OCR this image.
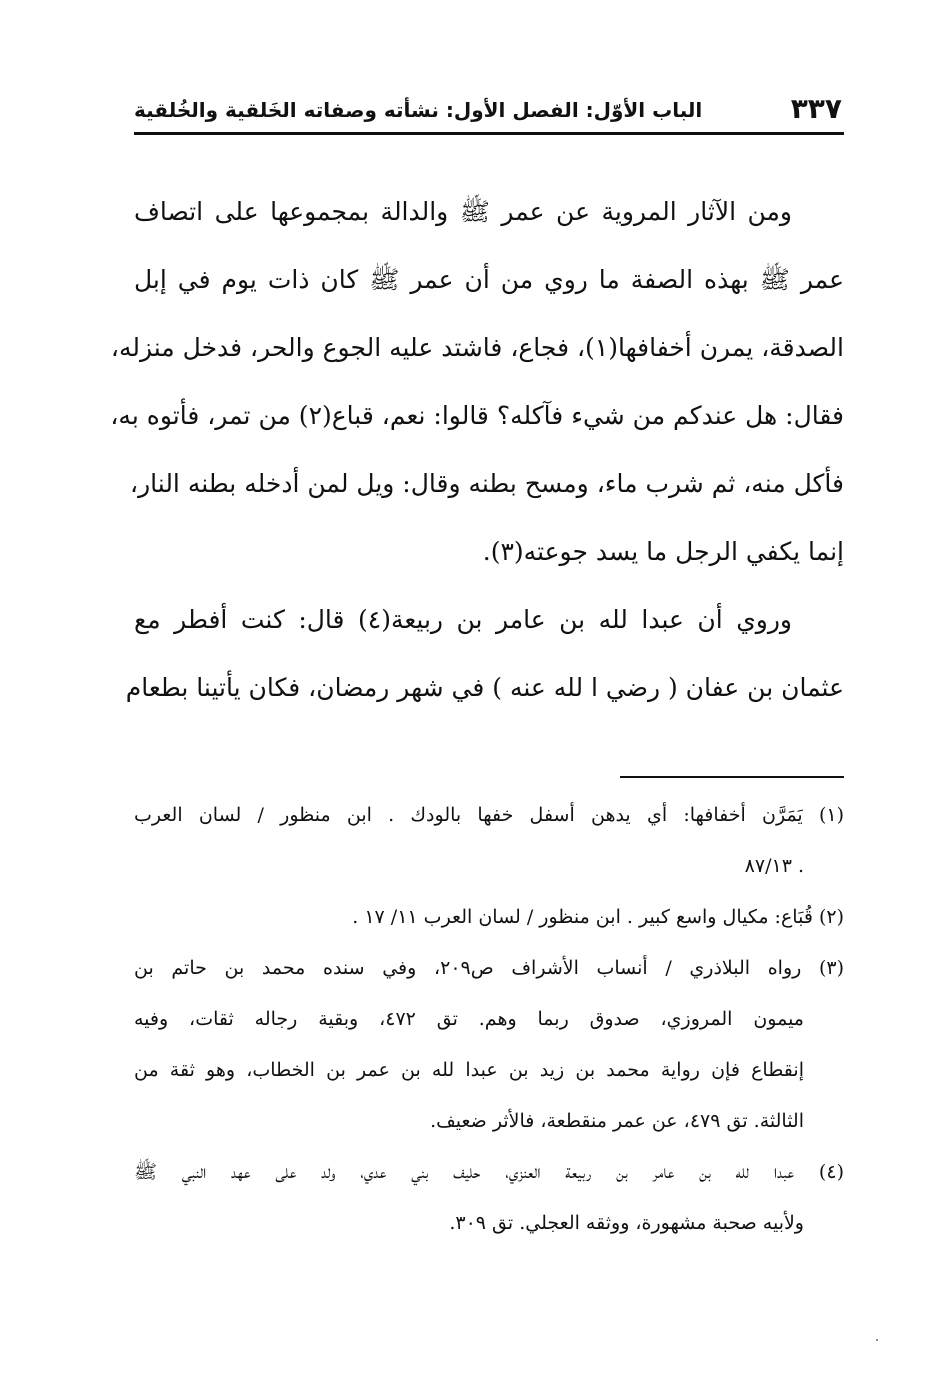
٣٣٧
الباب الأوّل: الفصل الأول: نشأته وصفاته الخَلقية والخُلقية
ومن الآثار المروية عن عمر ﷺ والدالة بمجموعها على اتصاف
عمر ﷺ بهذه الصفة ما روي من أن عمر ﷺ كان ذات يوم في إبل
الصدقة، يمرن أخفافها(١)، فجاع، فاشتد عليه الجوع والحر، فدخل منزله،
فقال: هل عندكم من شيء فآكله؟ قالوا: نعم، قباع(٢) من تمر، فأتوه به،
فأكل منه، ثم شرب ماء، ومسح بطنه وقال: ويل لمن أدخله بطنه النار،
إنما يكفي الرجل ما يسد جوعته(٣).
وروي أن عبدا لله بن عامر بن ربيعة(٤) قال: كنت أفطر مع
عثمان بن عفان ( رضي ا لله عنه ) في شهر رمضان، فكان يأتينا بطعام
(١) يَمَرَّن أخفافها: أي يدهن أسفل خفها بالودك . ابن منظور / لسان العرب
. ٨٧/١٣
(٢) قُبَاع: مكيال واسع كبير . ابن منظور / لسان العرب ١١/ ١٧ .
(٣) رواه البلاذري / أنساب الأشراف ص٢٠٩، وفي سنده محمد بن حاتم بن
ميمون المروزي، صدوق ربما وهم. تق ٤٧٢، وبقية رجاله ثقات، وفيه
إنقطاع فإن رواية محمد بن زيد بن عبدا لله بن عمر بن الخطاب، وهو ثقة من
الثالثة. تق ٤٧٩، عن عمر منقطعة، فالأثر ضعيف.
(٤) عبدا لله بن عامر بن ربيعة العنزي، حليف بني عدي، ولد على عهد النبي ﷺ
ولأبيه صحبة مشهورة، ووثقه العجلي. تق ٣٠٩.
